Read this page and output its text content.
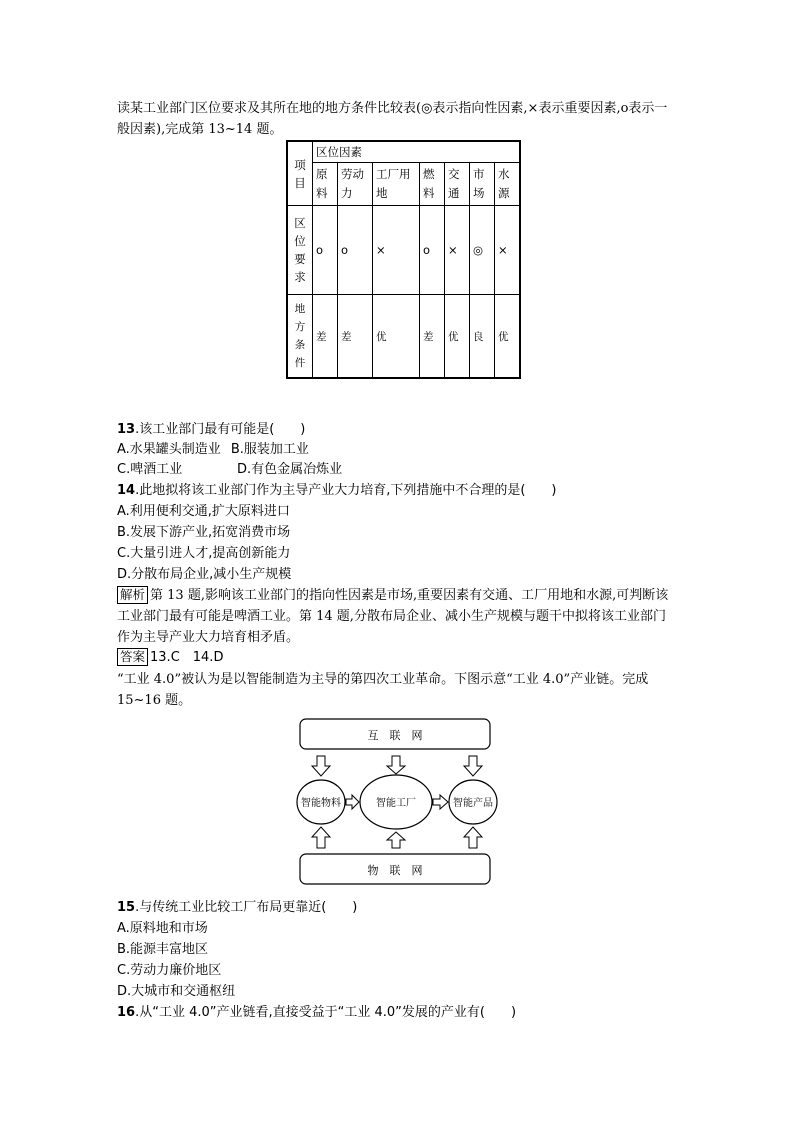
读某工业部门区位要求及其所在地的地方条件比较表(◎表示指向性因素,×表示重要因素,o表示一般因素),完成第 13~14 题。
项目	区位因素						
	原料	劳动力	工厂用地	燃料	交通	市场	水源
区位要求	o	o	×	o	×	◎	×
地方条件	差	差	优	差	优	良	优
13.该工业部门最有可能是(　　)
A.水果罐头制造业 B.服装加工业
C.啤酒工业	D.有色金属冶炼业
14.此地拟将该工业部门作为主导产业大力培育,下列措施中不合理的是(　　)
A.利用便利交通,扩大原料进口
B.发展下游产业,拓宽消费市场
C.大量引进人才,提高创新能力
D.分散布局企业,减小生产规模
解析 第 13 题,影响该工业部门的指向性因素是市场,重要因素有交通、工厂用地和水源,可判断该工业部门最有可能是啤酒工业。第 14 题,分散布局企业、减小生产规模与题干中拟将该工业部门作为主导产业大力培育相矛盾。
答案 13.C　14.D
“工业 4.0”被认为是以智能制造为主导的第四次工业革命。下图示意“工业 4.0”产业链。完成 15~16 题。
互　联　网
物　联　网
智能物料	智能工厂	智能产品
15.与传统工业比较工厂布局更靠近(　　)
A.原料地和市场
B.能源丰富地区
C.劳动力廉价地区
D.大城市和交通枢纽
16.从“工业 4.0”产业链看,直接受益于“工业 4.0”发展的产业有(　　)
